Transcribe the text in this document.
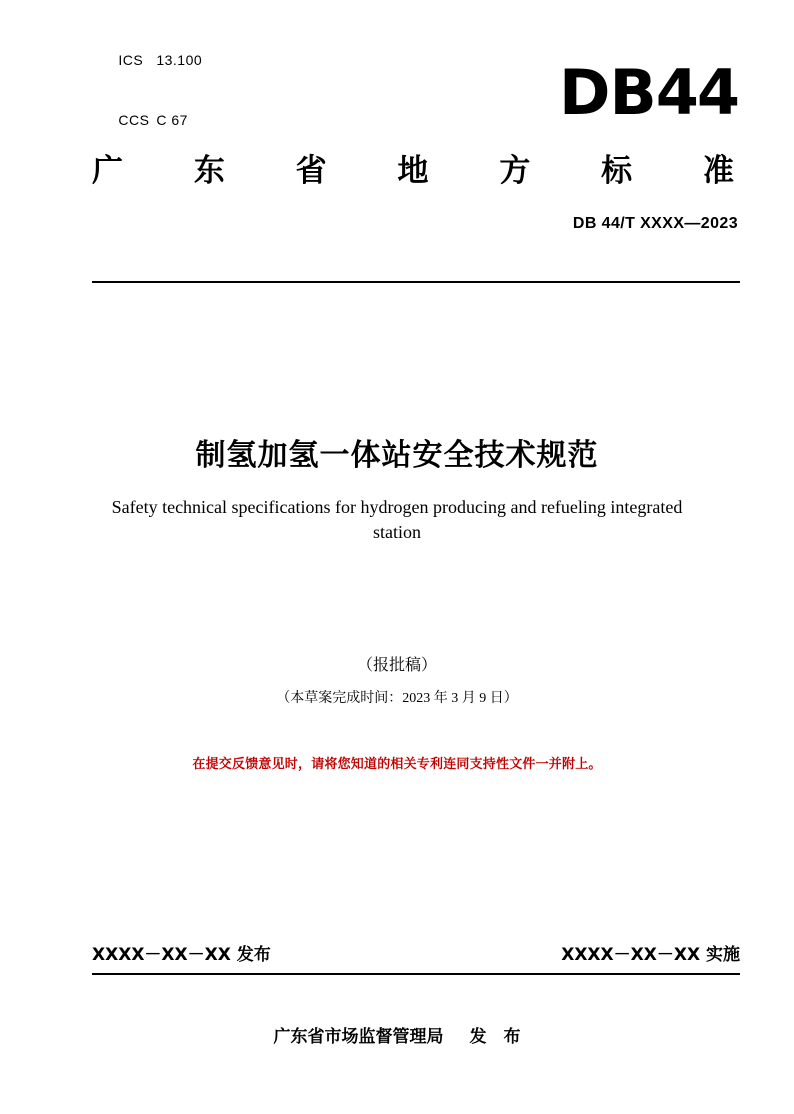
ICS 13.100

CCS C 67
	DB44
广 东 省 地 方 标 准
DB 44/T XXXX—2023
制氢加氢一体站安全技术规范
Safety technical specifications for hydrogen producing and refueling integrated
station
（报批稿）
（本草案完成时间：2023 年 3 月 9 日）
在提交反馈意见时，请将您知道的相关专利连同支持性文件一并附上。
XXXX－XX－XX 发布	XXXX－XX－XX 实施
广东省市场监督管理局 发　布
